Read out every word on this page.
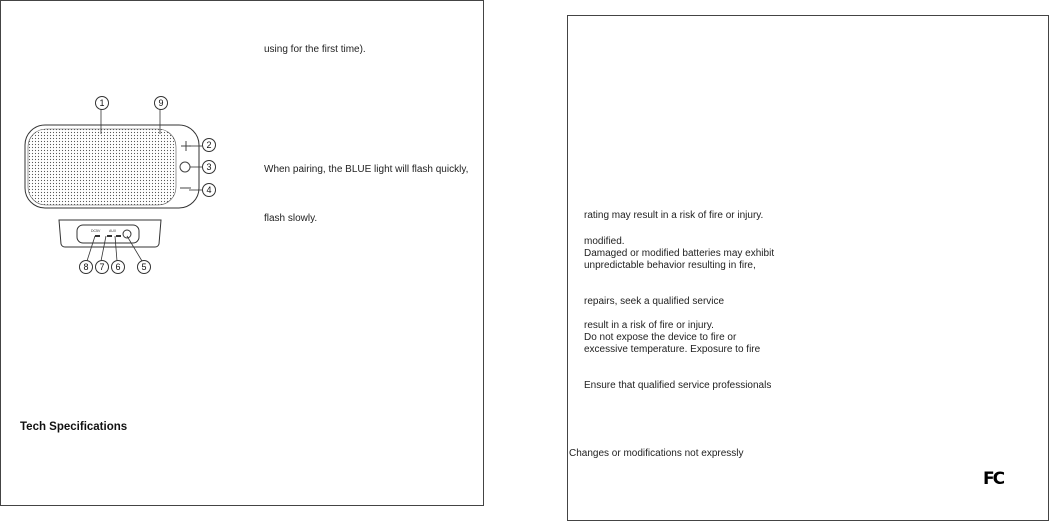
using for the first time).
When pairing, the BLUE light will flash quickly,
flash slowly.
DC5V AUX
1	9
2
3
4
8	7	6	5
Tech Specifications
rating may result in a risk of fire or injury.
modified.
Damaged or modified batteries may exhibit
unpredictable behavior resulting in fire,
repairs, seek a qualified service
result in a risk of fire or injury.
Do not expose the device to fire or
excessive temperature. Exposure to fire
Ensure that qualified service professionals
Changes or modifications not expressly
FC
